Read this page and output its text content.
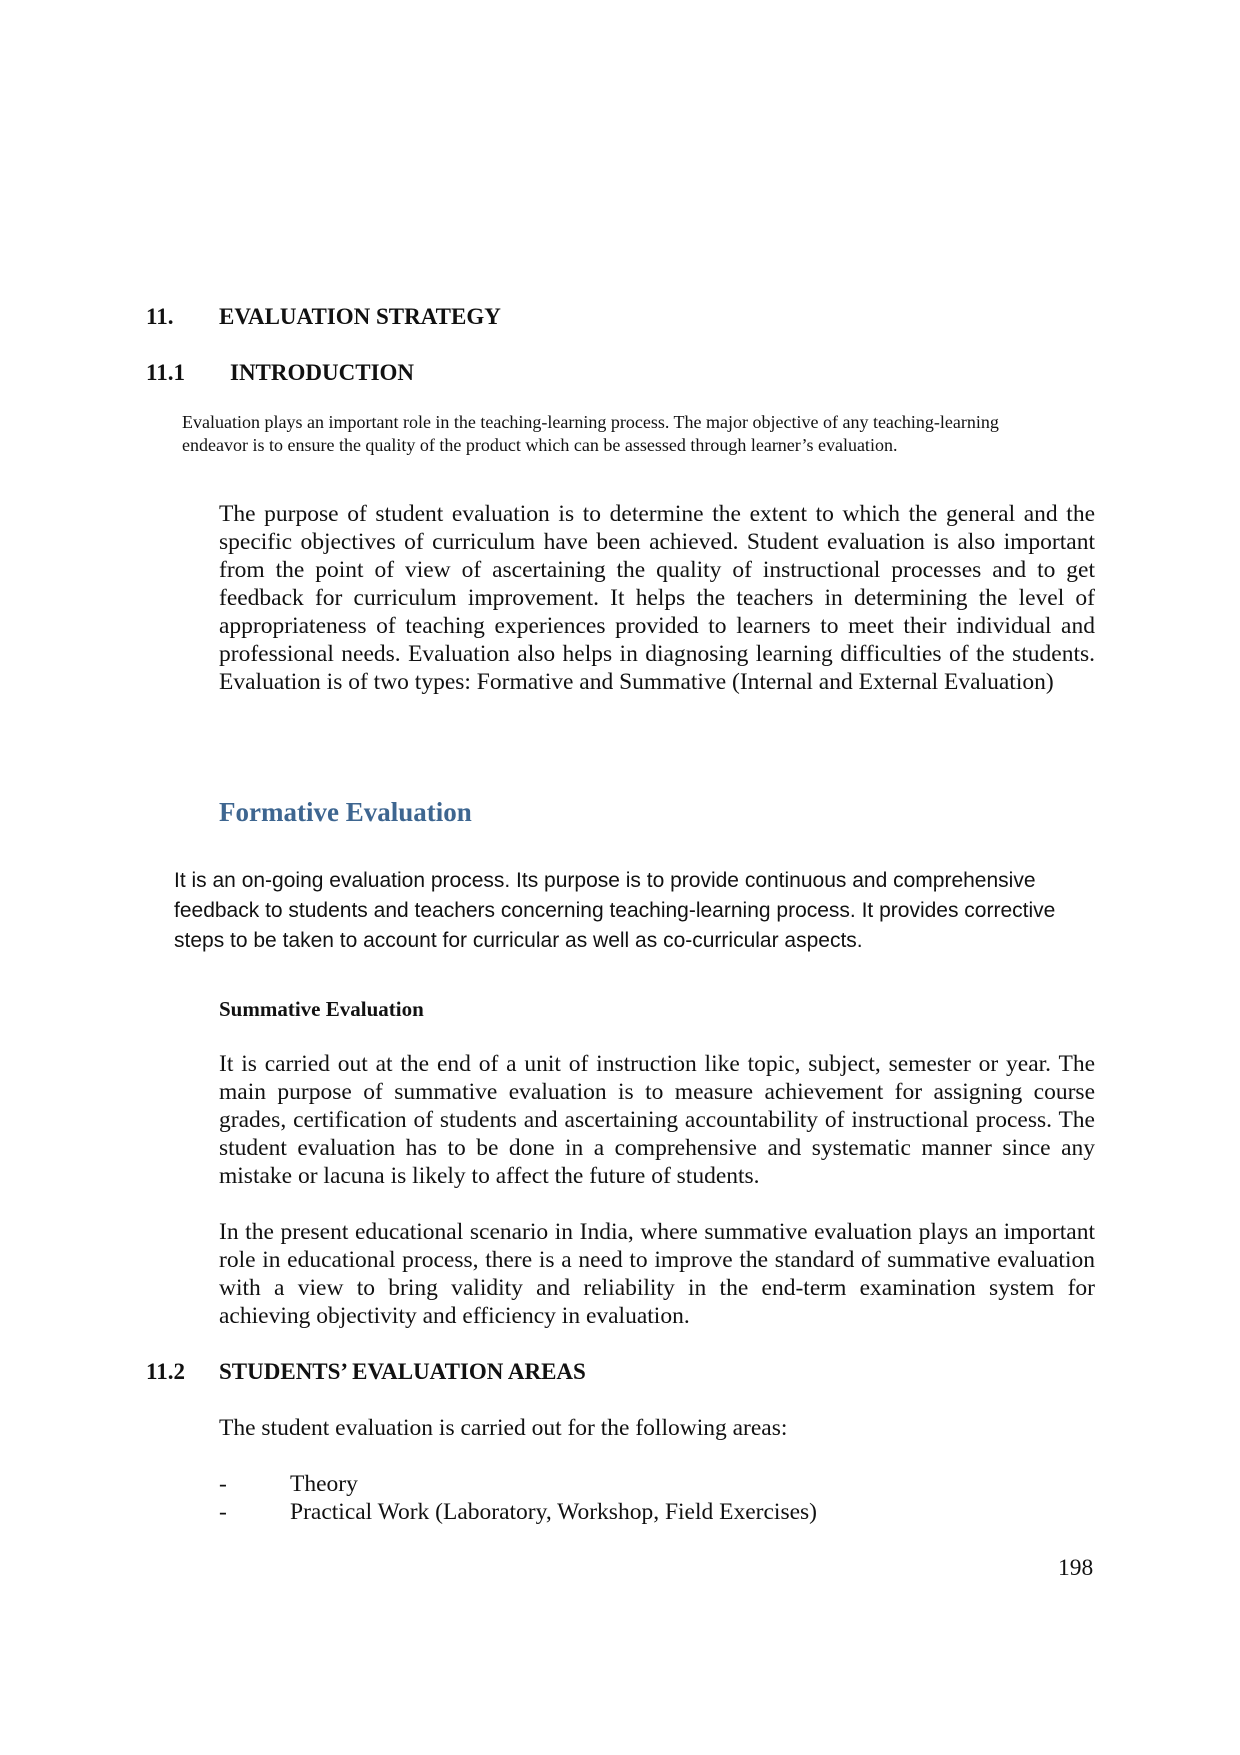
11. EVALUATION STRATEGY
11.1 INTRODUCTION

Evaluation plays an important role in the teaching-learning process. The major objective of any teaching-learning endeavor is to ensure the quality of the product which can be assessed through learner’s evaluation.

The purpose of student evaluation is to determine the extent to which the general and the specific objectives of curriculum have been achieved. Student evaluation is also important from the point of view of ascertaining the quality of instructional processes and to get feedback for curriculum improvement. It helps the teachers in determining the level of appropriateness of teaching experiences provided to learners to meet their individual and professional needs. Evaluation also helps in diagnosing learning difficulties of the students. Evaluation is of two types: Formative and Summative (Internal and External Evaluation)

Formative Evaluation

It is an on-going evaluation process. Its purpose is to provide continuous and comprehensive feedback to students and teachers concerning teaching-learning process. It provides corrective steps to be taken to account for curricular as well as co-curricular aspects.

Summative Evaluation

It is carried out at the end of a unit of instruction like topic, subject, semester or year. The main purpose of summative evaluation is to measure achievement for assigning course grades, certification of students and ascertaining accountability of instructional process. The student evaluation has to be done in a comprehensive and systematic manner since any mistake or lacuna is likely to affect the future of students.

In the present educational scenario in India, where summative evaluation plays an important role in educational process, there is a need to improve the standard of summative evaluation with a view to bring validity and reliability in the end-term examination system for achieving objectivity and efficiency in evaluation.

11.2 STUDENTS’ EVALUATION AREAS
The student evaluation is carried out for the following areas:
-	Theory
-	Practical Work (Laboratory, Workshop, Field Exercises)
198
